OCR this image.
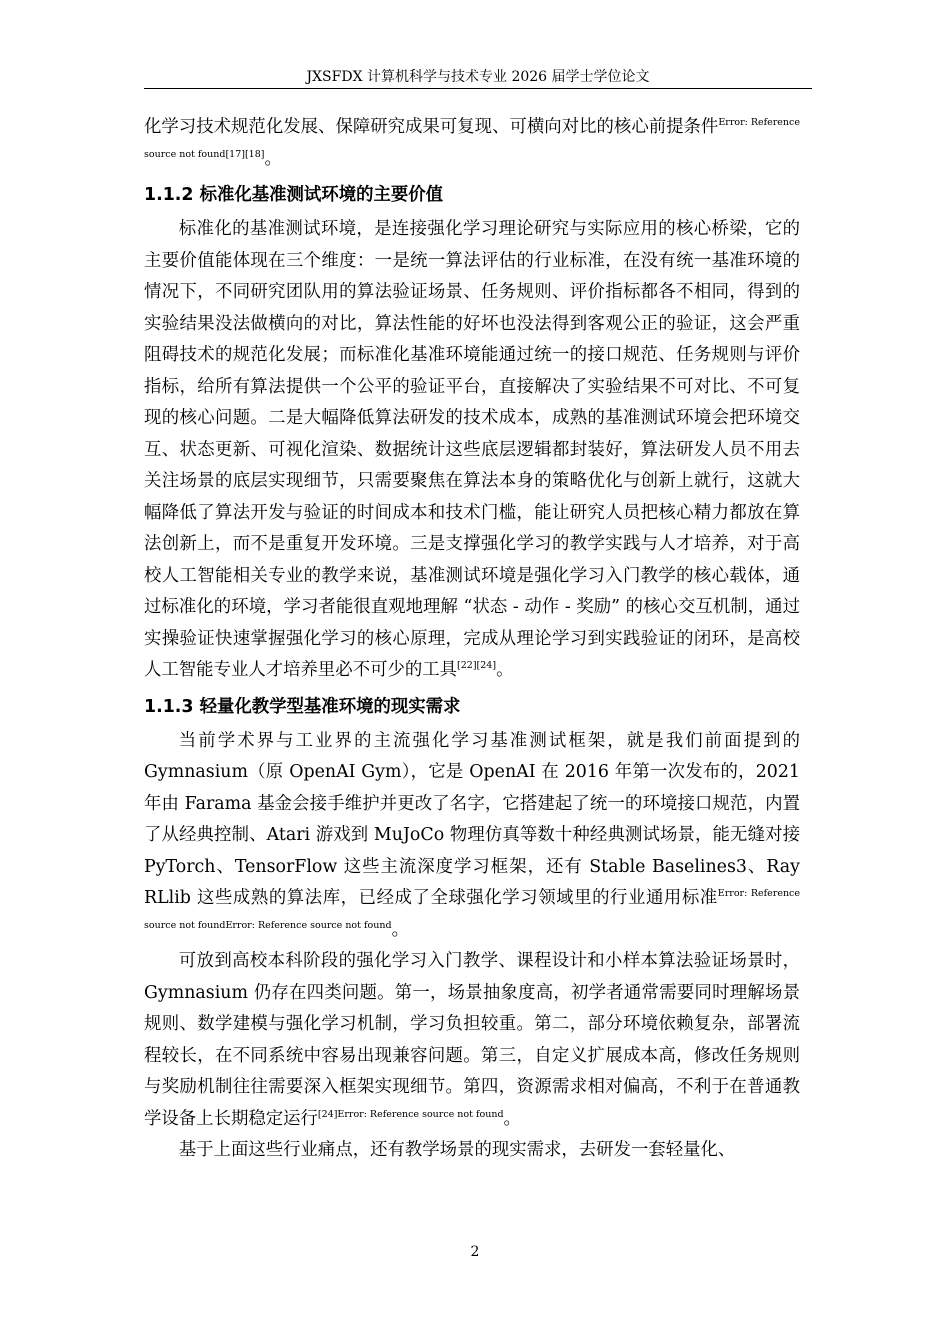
JXSFDX 计算机科学与技术专业 2026 届学士学位论文

化学习技术规范化发展、保障研究成果可复现、可横向对比的核心前提条件$^{Error: Reference source not found[17][18]}$。

1.1.2 标准化基准测试环境的主要价值

标准化的基准测试环境，是连接强化学习理论研究与实际应用的核心桥梁，它的主要价值能体现在三个维度：一是统一算法评估的行业标准，在没有统一基准环境的情况下，不同研究团队用的算法验证场景、任务规则、评价指标都各不相同，得到的实验结果没法做横向的对比，算法性能的好坏也没法得到客观公正的验证，这会严重阻碍技术的规范化发展；而标准化基准环境能通过统一的接口规范、任务规则与评价指标，给所有算法提供一个公平的验证平台，直接解决了实验结果不可对比、不可复现的核心问题。二是大幅降低算法研发的技术成本，成熟的基准测试环境会把环境交互、状态更新、可视化渲染、数据统计这些底层逻辑都封装好，算法研发人员不用去关注场景的底层实现细节，只需要聚焦在算法本身的策略优化与创新上就行，这就大幅降低了算法开发与验证的时间成本和技术门槛，能让研究人员把核心精力都放在算法创新上，而不是重复开发环境。三是支撑强化学习的教学实践与人才培养，对于高校人工智能相关专业的教学来说，基准测试环境是强化学习入门教学的核心载体，通过标准化的环境，学习者能很直观地理解 “状态 - 动作 - 奖励” 的核心交互机制，通过实操验证快速掌握强化学习的核心原理，完成从理论学习到实践验证的闭环，是高校人工智能专业人才培养里必不可少的工具[22][24]。

1.1.3 轻量化教学型基准环境的现实需求

当前学术界与工业界的主流强化学习基准测试框架，就是我们前面提到的 Gymnasium（原 OpenAI Gym），它是 OpenAI 在 2016 年第一次发布的，2021 年由 Farama 基金会接手维护并更改了名字，它搭建起了统一的环境接口规范，内置了从经典控制、Atari 游戏到 MuJoCo 物理仿真等数十种经典测试场景，能无缝对接 PyTorch、TensorFlow 这些主流深度学习框架，还有 Stable Baselines3、Ray RLlib 这些成熟的算法库，已经成了全球强化学习领域里的行业通用标准$^{Error: Reference source not foundError: Reference source not found}$。

可放到高校本科阶段的强化学习入门教学、课程设计和小样本算法验证场景时，Gymnasium 仍存在四类问题。第一，场景抽象度高，初学者通常需要同时理解场景规则、数学建模与强化学习机制，学习负担较重。第二，部分环境依赖复杂，部署流程较长，在不同系统中容易出现兼容问题。第三，自定义扩展成本高，修改任务规则与奖励机制往往需要深入框架实现细节。第四，资源需求相对偏高，不利于在普通教学设备上长期稳定运行$^{[24]Error: Reference source not found}$。

基于上面这些行业痛点，还有教学场景的现实需求，去研发一套轻量化、

2
